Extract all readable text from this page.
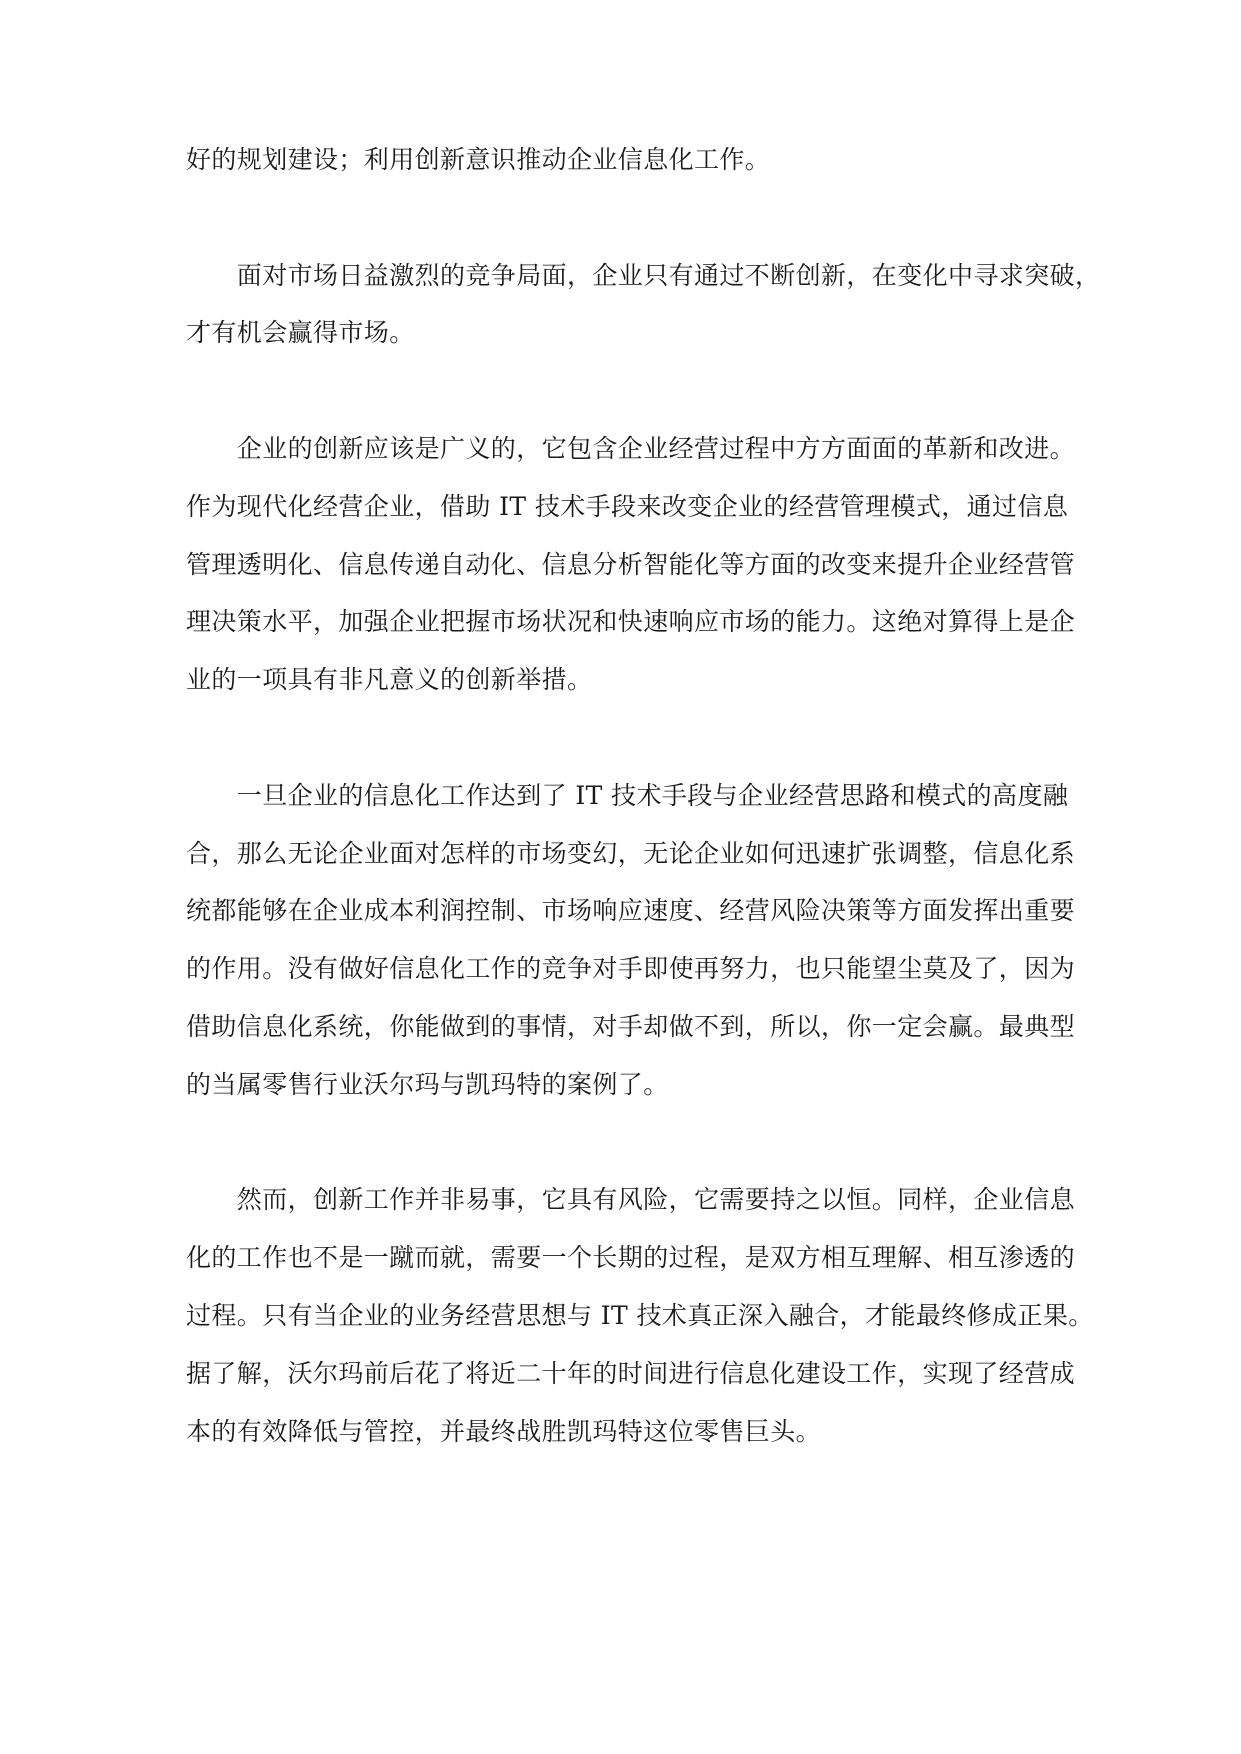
好的规划建设；利用创新意识推动企业信息化工作。
　　面对市场日益激烈的竞争局面，企业只有通过不断创新，在变化中寻求突破，
才有机会赢得市场。
　　企业的创新应该是广义的，它包含企业经营过程中方方面面的革新和改进。
作为现代化经营企业，借助 IT 技术手段来改变企业的经营管理模式，通过信息
管理透明化、信息传递自动化、信息分析智能化等方面的改变来提升企业经营管
理决策水平，加强企业把握市场状况和快速响应市场的能力。这绝对算得上是企
业的一项具有非凡意义的创新举措。
　　一旦企业的信息化工作达到了 IT 技术手段与企业经营思路和模式的高度融
合，那么无论企业面对怎样的市场变幻，无论企业如何迅速扩张调整，信息化系
统都能够在企业成本利润控制、市场响应速度、经营风险决策等方面发挥出重要
的作用。没有做好信息化工作的竞争对手即使再努力，也只能望尘莫及了，因为
借助信息化系统，你能做到的事情，对手却做不到，所以，你一定会赢。最典型
的当属零售行业沃尔玛与凯玛特的案例了。
　　然而，创新工作并非易事，它具有风险，它需要持之以恒。同样，企业信息
化的工作也不是一蹴而就，需要一个长期的过程，是双方相互理解、相互渗透的
过程。只有当企业的业务经营思想与 IT 技术真正深入融合，才能最终修成正果。
据了解，沃尔玛前后花了将近二十年的时间进行信息化建设工作，实现了经营成
本的有效降低与管控，并最终战胜凯玛特这位零售巨头。
